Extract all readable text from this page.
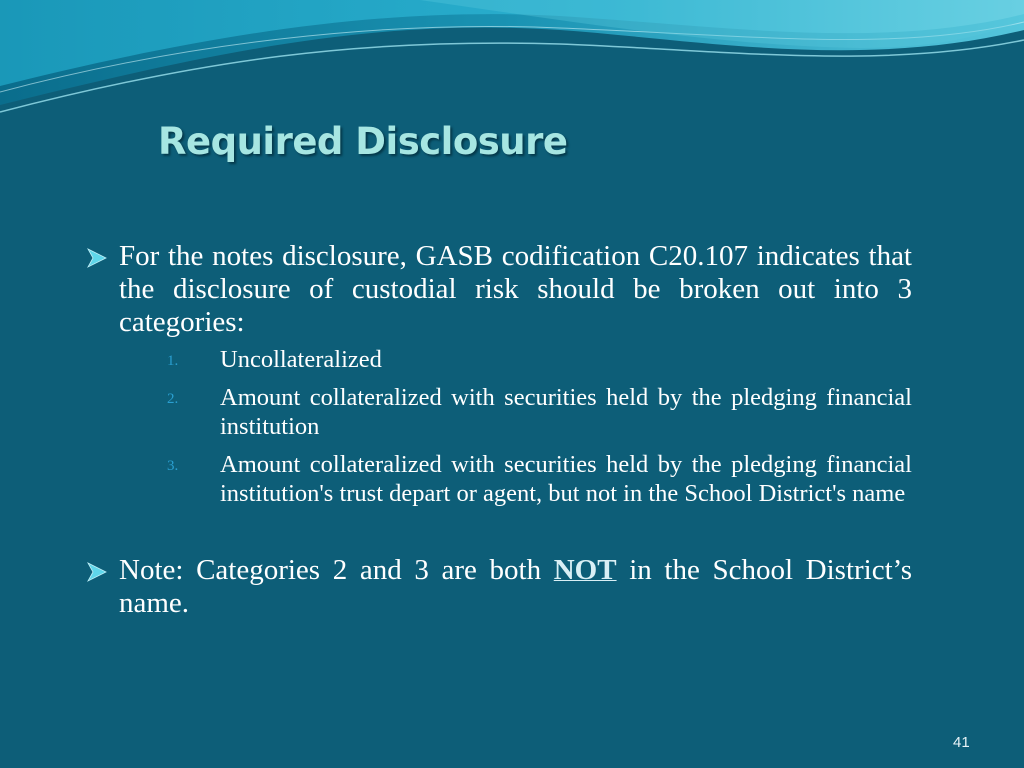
Required Disclosure
For the notes disclosure, GASB codification C20.107 indicates that the disclosure of custodial risk should be broken out into 3 categories:
1. Uncollateralized
2. Amount collateralized with securities held by the pledging financial institution
3. Amount collateralized with securities held by the pledging financial institution's trust depart or agent, but not in the School District's name
Note: Categories 2 and 3 are both NOT in the School District’s name.
41
